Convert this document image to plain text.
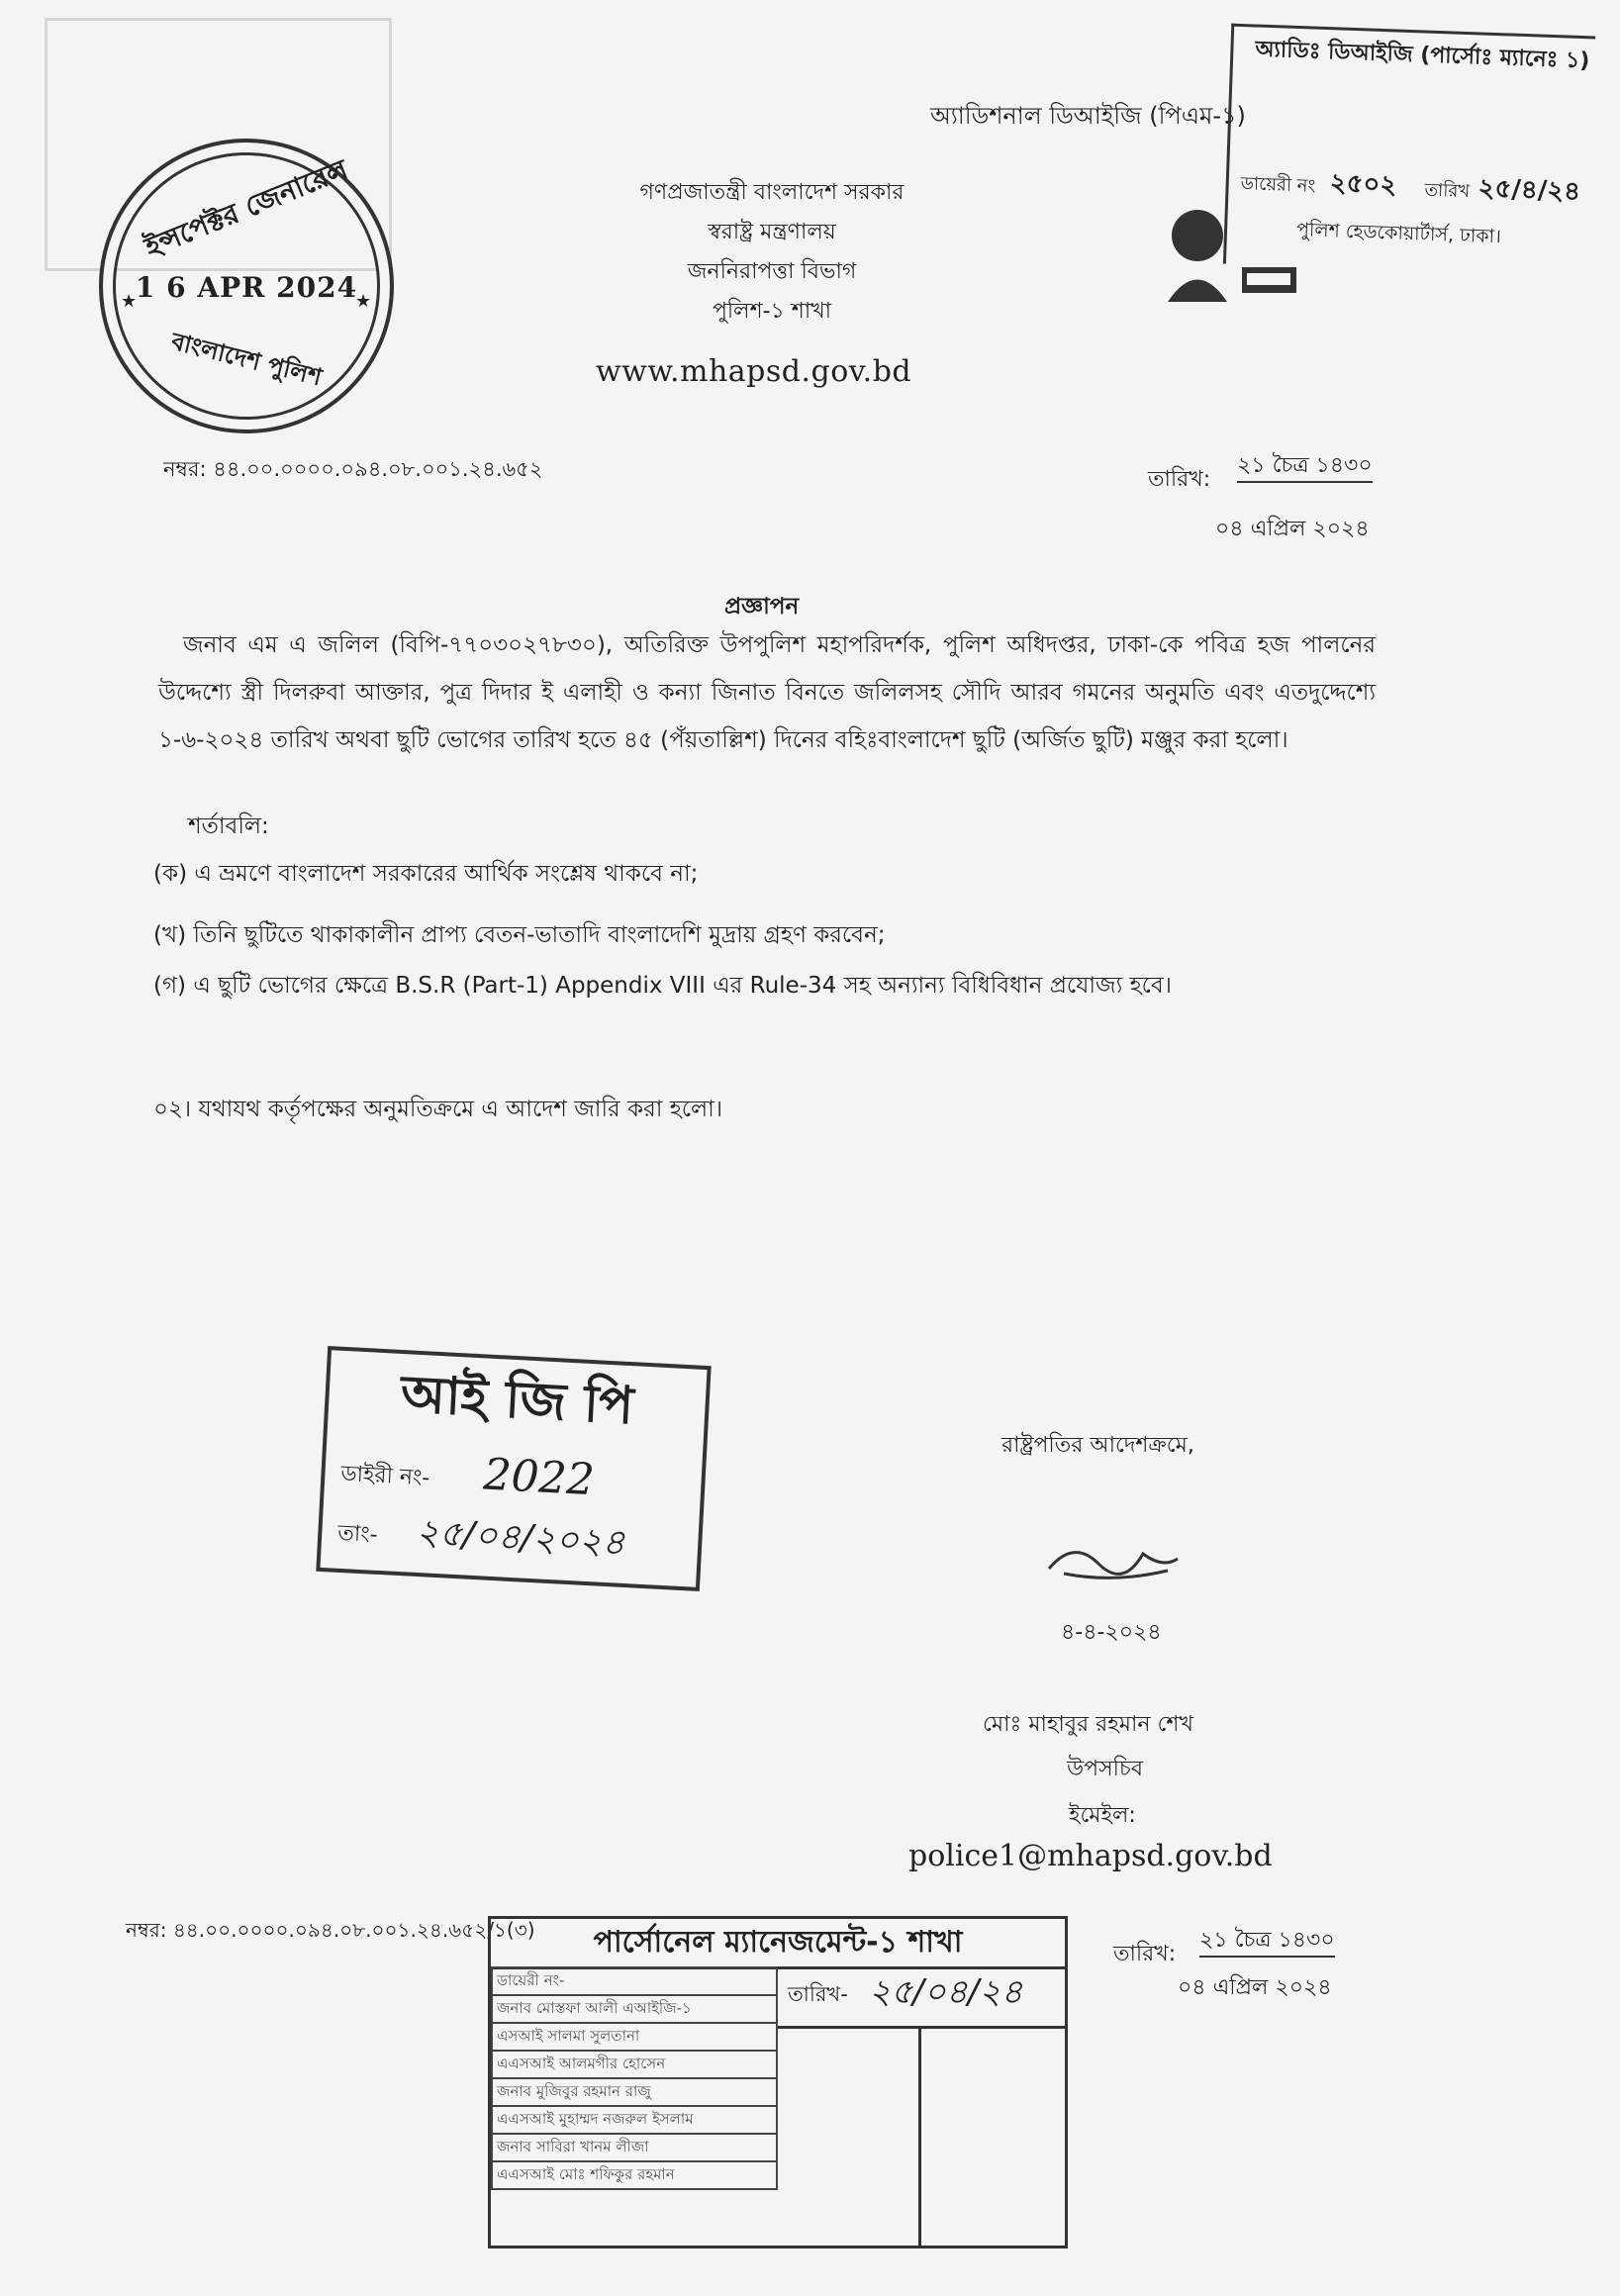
ইন্সপেক্টর জেনারেল
1 6 APR 2024
বাংলাদেশ পুলিশ
★	★
গণপ্রজাতন্ত্রী বাংলাদেশ সরকার
স্বরাষ্ট্র মন্ত্রণালয়
জননিরাপত্তা বিভাগ
পুলিশ-১ শাখা
www.mhapsd.gov.bd
অ্যাডিশনাল ডিআইজি (পিএম-১)
অ্যাডিঃ ডিআইজি (পার্সোঃ ম্যানেঃ ১)
ডায়েরী নং ২৫০২ তারিখ ২৫/৪/২৪
পুলিশ হেডকোয়ার্টার্স, ঢাকা।
নম্বর: ৪৪.০০.০০০০.০৯৪.০৮.০০১.২৪.৬৫২	তারিখ:
২১ চৈত্র ১৪৩০
০৪ এপ্রিল ২০২৪
প্রজ্ঞাপন
জনাব এম এ জলিল (বিপি-৭৭০৩০২৭৮৩০), অতিরিক্ত উপপুলিশ মহাপরিদর্শক, পুলিশ অধিদপ্তর, ঢাকা-কে পবিত্র হজ পালনের উদ্দেশ্যে স্ত্রী দিলরুবা আক্তার, পুত্র দিদার ই এলাহী ও কন্যা জিনাত বিনতে জলিলসহ সৌদি আরব গমনের অনুমতি এবং এতদুদ্দেশ্যে ১-৬-২০২৪ তারিখ অথবা ছুটি ভোগের তারিখ হতে ৪৫ (পঁয়তাল্লিশ) দিনের বহিঃবাংলাদেশ ছুটি (অর্জিত ছুটি) মঞ্জুর করা হলো।
শর্তাবলি:
(ক) এ ভ্রমণে বাংলাদেশ সরকারের আর্থিক সংশ্লেষ থাকবে না;
(খ) তিনি ছুটিতে থাকাকালীন প্রাপ্য বেতন-ভাতাদি বাংলাদেশি মুদ্রায় গ্রহণ করবেন;
(গ) এ ছুটি ভোগের ক্ষেত্রে B.S.R (Part-1) Appendix VIII এর Rule-34 সহ অন্যান্য বিধিবিধান প্রযোজ্য হবে।
০২। যথাযথ কর্তৃপক্ষের অনুমতিক্রমে এ আদেশ জারি করা হলো।
আই জি পি
ডাইরী নং- 2022
তাং- ২৫/০৪/২০২৪
রাষ্ট্রপতির আদেশক্রমে,
৪-৪-২০২৪
মোঃ মাহাবুর রহমান শেখ
উপসচিব
ইমেইল:
police1@mhapsd.gov.bd
নম্বর: ৪৪.০০.০০০০.০৯৪.০৮.০০১.২৪.৬৫২/১(৩)
তারিখ:
২১ চৈত্র ১৪৩০
০৪ এপ্রিল ২০২৪
পার্সোনেল ম্যানেজমেন্ট-১ শাখা
তারিখ- ২৫/০৪/২৪
ডায়েরী নং-
জনাব মোস্তফা আলী এআইজি-১
এসআই সালমা সুলতানা
এএসআই আলমগীর হোসেন
জনাব মুজিবুর রহমান রাজু
এএসআই মুহাম্মদ নজরুল ইসলাম
জনাব সাবিরা খানম লীজা
এএসআই মোঃ শফিকুর রহমান
